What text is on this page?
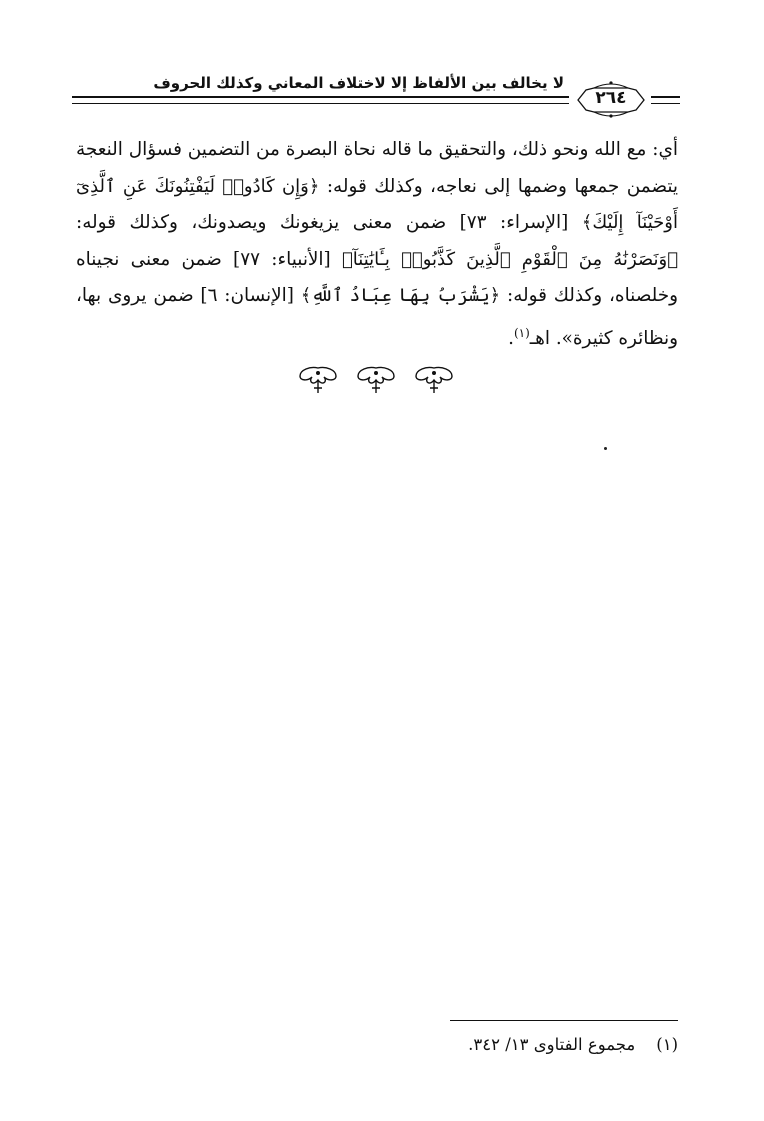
٢٦٤
لا يخالف بين الألفاظ إلا لاختلاف المعاني وكذلك الحروف
أي: مع الله ونحو ذلك، والتحقيق ما قاله نحاة البصرة من التضمين فسؤال النعجة يتضمن جمعها وضمها إلى نعاجه، وكذلك قوله: ﴿وَإِن كَادُوا۟ لَيَفْتِنُونَكَ عَنِ ٱلَّذِىٓ أَوْحَيْنَآ إِلَيْكَ﴾ [الإسراء: ٧٣] ضمن معنى يزيغونك ويصدونك، وكذلك قوله: ﴿وَنَصَرْنَٰهُ مِنَ ٱلْقَوْمِ ٱلَّذِينَ كَذَّبُوا۟ بِـَٔايَٰتِنَآ﴾ [الأنبياء: ٧٧] ضمن معنى نجيناه وخلصناه، وكذلك قوله: ﴿يَشْرَبُ بِهَا عِبَادُ ٱللَّهِ﴾ [الإنسان: ٦] ضمن يروى بها، ونظائره كثيرة». اهـ$^{(١)}$.
(١)    مجموع الفتاوى ١٣/ ٣٤٢.
